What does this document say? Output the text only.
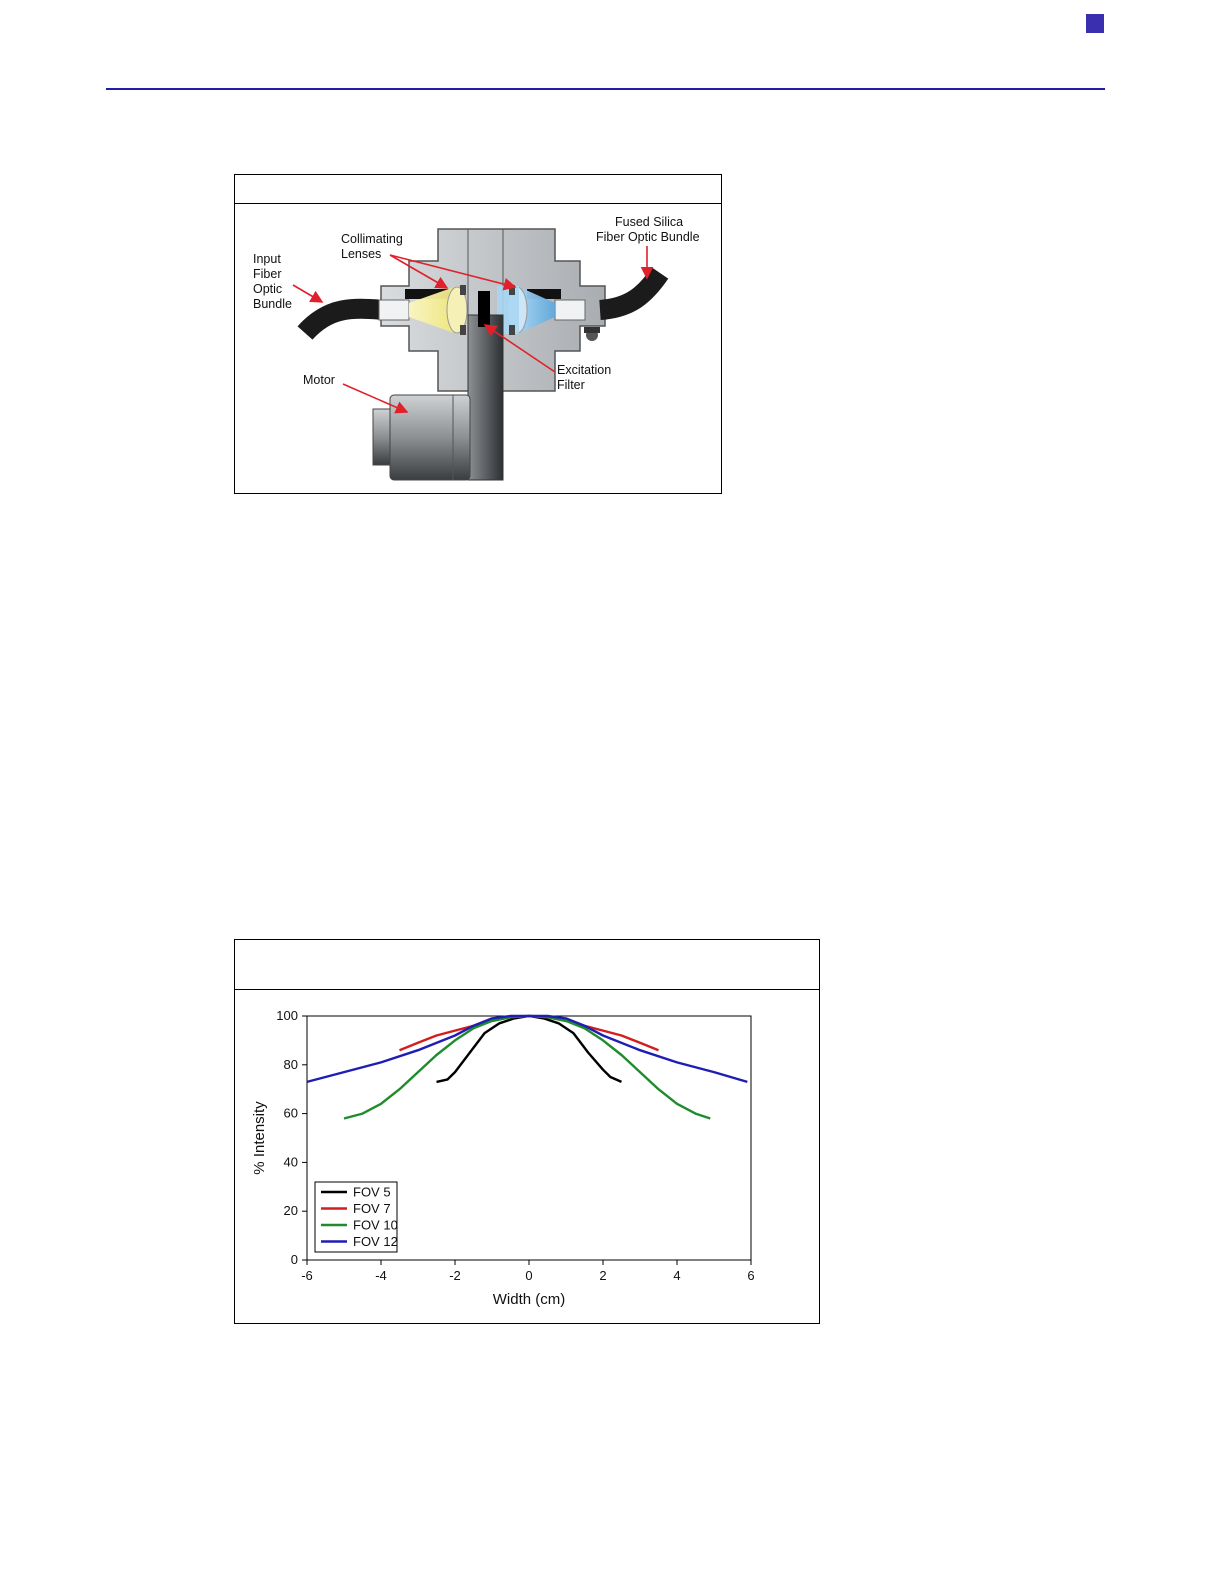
Input
Fiber
Optic
Bundle
Collimating
Lenses
Fused Silica
Fiber Optic Bundle
Excitation
Filter
Motor
-6	-4	-2	0	2	4	6
0
20
40
60
80
100
Width (cm)
% Intensity
FOV 5
FOV 7
FOV 10
FOV 12
